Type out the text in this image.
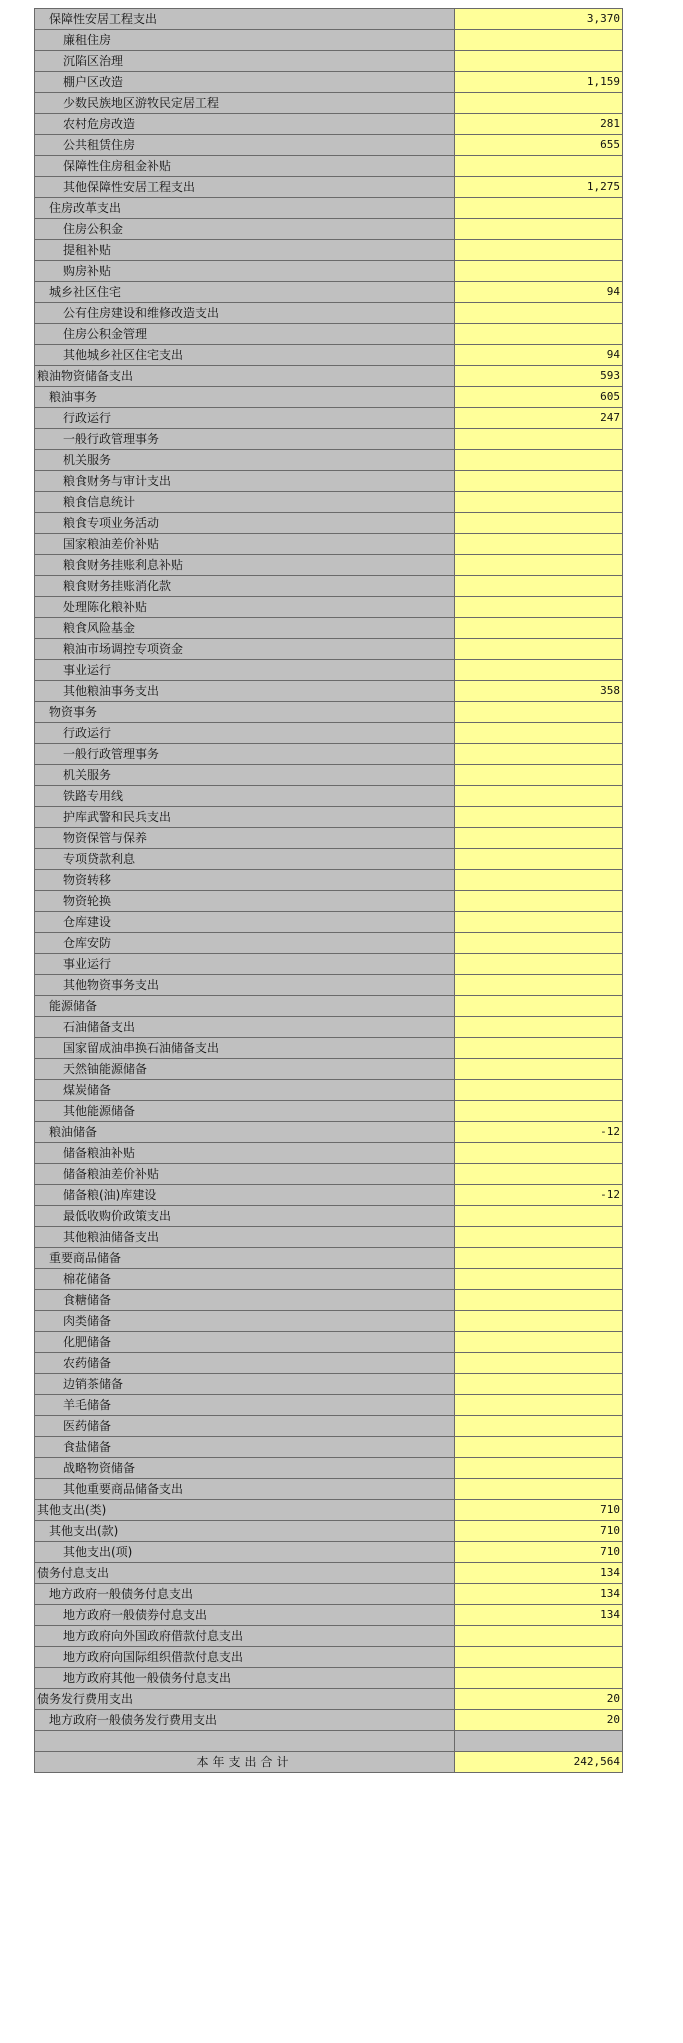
保障性安居工程支出	3,370
廉租住房
沉陷区治理
棚户区改造	1,159
少数民族地区游牧民定居工程
农村危房改造	281
公共租赁住房	655
保障性住房租金补贴
其他保障性安居工程支出	1,275
住房改革支出
住房公积金
提租补贴
购房补贴
城乡社区住宅	94
公有住房建设和维修改造支出
住房公积金管理
其他城乡社区住宅支出	94
粮油物资储备支出	593
粮油事务	605
行政运行	247
一般行政管理事务
机关服务
粮食财务与审计支出
粮食信息统计
粮食专项业务活动
国家粮油差价补贴
粮食财务挂账利息补贴
粮食财务挂账消化款
处理陈化粮补贴
粮食风险基金
粮油市场调控专项资金
事业运行
其他粮油事务支出	358
物资事务
行政运行
一般行政管理事务
机关服务
铁路专用线
护库武警和民兵支出
物资保管与保养
专项贷款利息
物资转移
物资轮换
仓库建设
仓库安防
事业运行
其他物资事务支出
能源储备
石油储备支出
国家留成油串换石油储备支出
天然铀能源储备
煤炭储备
其他能源储备
粮油储备	-12
储备粮油补贴
储备粮油差价补贴
储备粮(油)库建设	-12
最低收购价政策支出
其他粮油储备支出
重要商品储备
棉花储备
食糖储备
肉类储备
化肥储备
农药储备
边销茶储备
羊毛储备
医药储备
食盐储备
战略物资储备
其他重要商品储备支出
其他支出(类)	710
其他支出(款)	710
其他支出(项)	710
债务付息支出	134
地方政府一般债务付息支出	134
地方政府一般债券付息支出	134
地方政府向外国政府借款付息支出
地方政府向国际组织借款付息支出
地方政府其他一般债务付息支出
债务发行费用支出	20
地方政府一般债务发行费用支出	20
本年支出合计	242,564
